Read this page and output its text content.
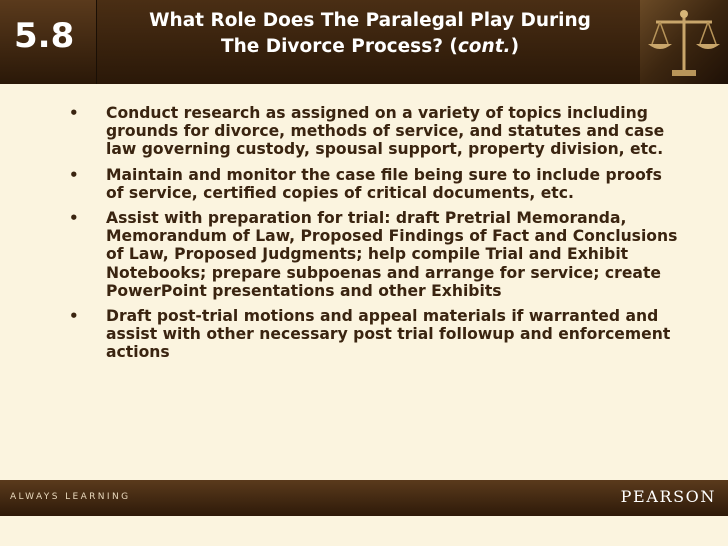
5.8	What Role Does The Paralegal Play During
The Divorce Process? (cont.)
• Conduct research as assigned on a variety of topics including grounds for divorce, methods of service, and statutes and case law governing custody, spousal support, property division, etc.
• Maintain and monitor the case file being sure to include proofs of service, certified copies of critical documents, etc.
• Assist with preparation for trial: draft Pretrial Memoranda, Memorandum of Law, Proposed Findings of Fact and Conclusions of Law, Proposed Judgments; help compile Trial and Exhibit Notebooks; prepare subpoenas and arrange for service; create PowerPoint presentations and other Exhibits
• Draft post-trial motions and appeal materials if warranted and assist with other necessary post trial followup and enforcement actions
ALWAYS LEARNING	PEARSON
